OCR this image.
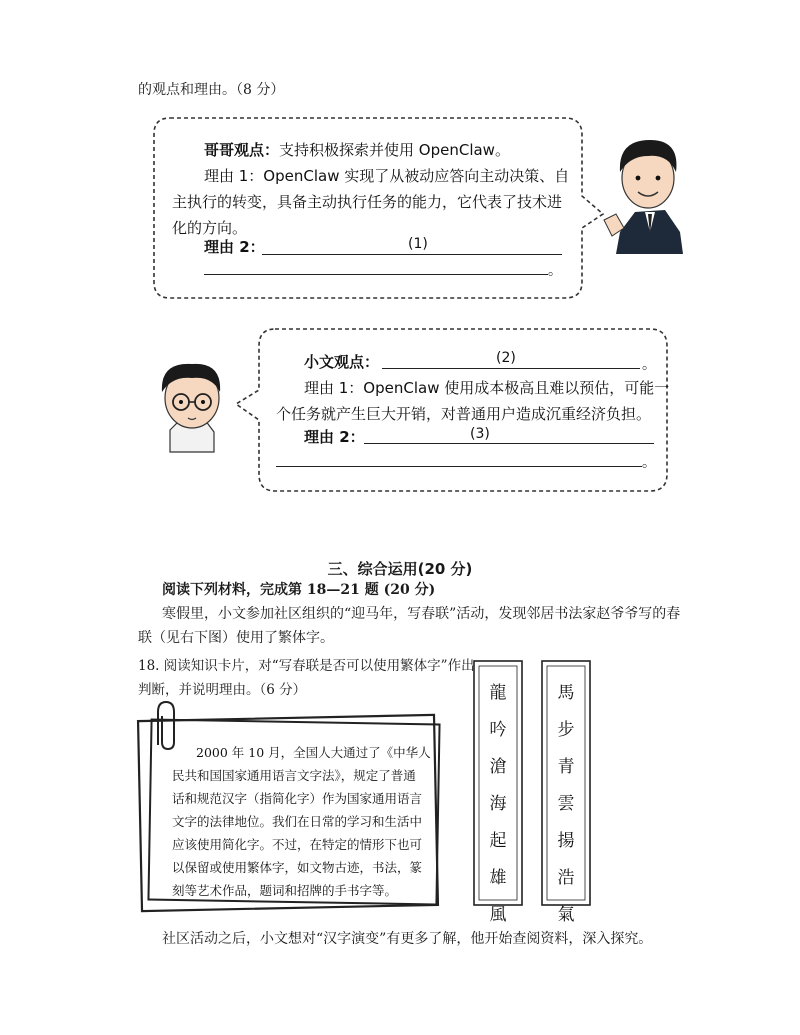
的观点和理由。（8 分）
哥哥观点：支持积极探索并使用 OpenClaw。
理由 1：OpenClaw 实现了从被动应答向主动决策、自
主执行的转变，具备主动执行任务的能力，它代表了技术进
化的方向。
理由 2：	(1)
。
小文观点：	(2)	。
理由 1：OpenClaw 使用成本极高且难以预估，可能一
个任务就产生巨大开销，对普通用户造成沉重经济负担。
理由 2：	(3)
。
三、综合运用(20 分)
阅读下列材料，完成第 18—21 题 (20 分)
寒假里，小文参加社区组织的“迎马年，写春联”活动，发现邻居书法家赵爷爷写的春
联（见右下图）使用了繁体字。
18. 阅读知识卡片，对“写春联是否可以使用繁体字”作出
判断，并说明理由。（6 分）
2000 年 10 月，全国人大通过了《中华人
民共和国国家通用语言文字法》，规定了普通
话和规范汉字（指简化字）作为国家通用语言
文字的法律地位。我们在日常的学习和生活中
应该使用简化字。不过，在特定的情形下也可
以保留或使用繁体字，如文物古迹，书法，篆
刻等艺术作品，题词和招牌的手书字等。
龍
吟
滄
海
起
雄
風
馬
步
青
雲
揚
浩
氣
社区活动之后，小文想对“汉字演变”有更多了解，他开始查阅资料，深入探究。
